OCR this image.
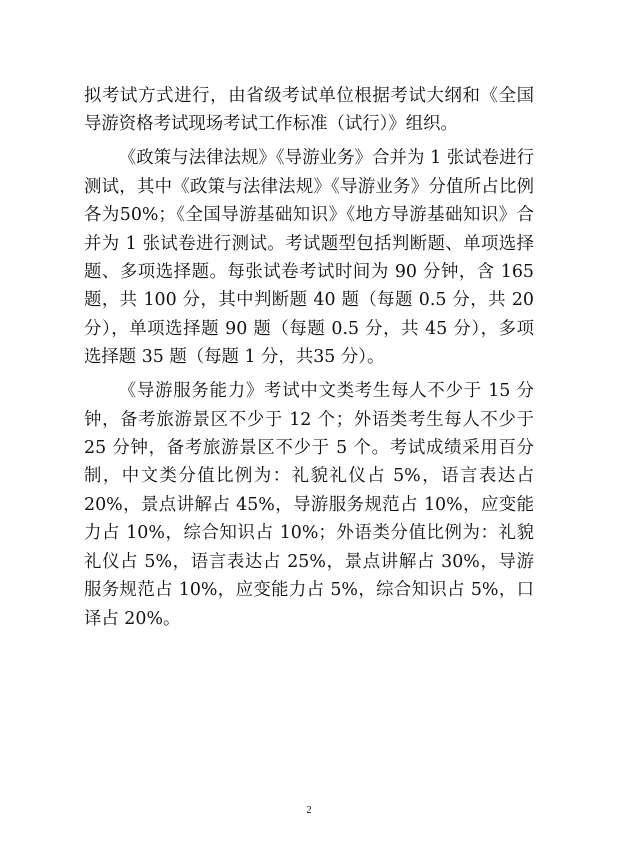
拟考试方式进行，由省级考试单位根据考试大纲和《全国导游资格考试现场考试工作标准（试行）》组织。

《政策与法律法规》《导游业务》合并为 1 张试卷进行测试，其中《政策与法律法规》《导游业务》分值所占比例各为50%；《全国导游基础知识》《地方导游基础知识》合并为 1 张试卷进行测试。考试题型包括判断题、单项选择题、多项选择题。每张试卷考试时间为 90 分钟，含 165 题，共 100 分，其中判断题 40 题（每题 0.5 分，共 20 分），单项选择题 90 题（每题 0.5 分，共 45 分），多项选择题 35 题（每题 1 分，共35 分）。

《导游服务能力》考试中文类考生每人不少于 15 分钟，备考旅游景区不少于 12 个；外语类考生每人不少于 25 分钟，备考旅游景区不少于 5 个。考试成绩采用百分制，中文类分值比例为：礼貌礼仪占 5%，语言表达占 20%，景点讲解占 45%，导游服务规范占 10%，应变能力占 10%，综合知识占 10%；外语类分值比例为：礼貌礼仪占 5%，语言表达占 25%，景点讲解占 30%，导游服务规范占 10%，应变能力占 5%，综合知识占 5%，口译占 20%。

2
